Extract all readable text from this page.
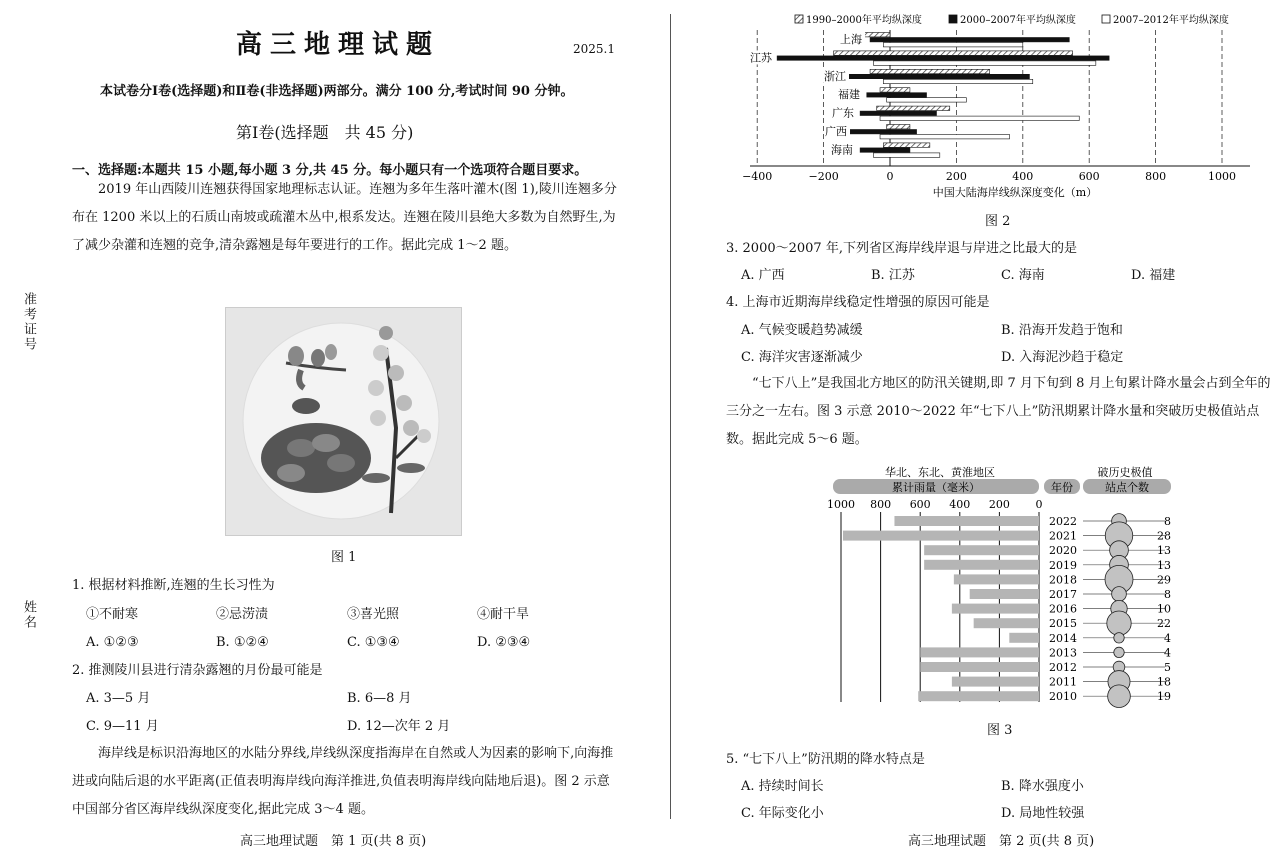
准考证号
姓名
高三地理试题	2025.1
本试卷分Ⅰ卷(选择题)和Ⅱ卷(非选择题)两部分。满分 100 分,考试时间 90 分钟。
第Ⅰ卷(选择题　共 45 分)
一、选择题:本题共 15 小题,每小题 3 分,共 45 分。每小题只有一个选项符合题目要求。
2019 年山西陵川连翘获得国家地理标志认证。连翘为多年生落叶灌木(图 1),陵川连翘多分布在 1200 米以上的石质山南坡或疏灌木丛中,根系发达。连翘在陵川县绝大多数为自然野生,为了减少杂灌和连翘的竞争,清杂露翘是每年要进行的工作。据此完成 1～2 题。
图 1
1. 根据材料推断,连翘的生长习性为
①不耐寒	②忌涝渍	③喜光照	④耐干旱
A. ①②③	B. ①②④	C. ①③④	D. ②③④
2. 推测陵川县进行清杂露翘的月份最可能是
A. 3—5 月	B. 6—8 月
C. 9—11 月	D. 12—次年 2 月
海岸线是标识沿海地区的水陆分界线,岸线纵深度指海岸在自然或人为因素的影响下,向海推进或向陆后退的水平距离(正值表明海岸线向海洋推进,负值表明海岸线向陆地后退)。图 2 示意中国部分省区海岸线纵深度变化,据此完成 3～4 题。
高三地理试题　第 1 页(共 8 页)
1990–2000年平均纵深度	2000–2007年平均纵深度	2007–2012年平均纵深度
上海
江苏
浙江
福建
广东
广西
海南
−400	−200	0	200	400	600	800	1000
中国大陆海岸线纵深度变化（m）
图 2
3. 2000～2007 年,下列省区海岸线岸退与岸进之比最大的是
A. 广西	B. 江苏	C. 海南	D. 福建
4. 上海市近期海岸线稳定性增强的原因可能是
A. 气候变暖趋势减缓	B. 沿海开发趋于饱和
C. 海洋灾害逐渐减少	D. 入海泥沙趋于稳定
“七下八上”是我国北方地区的防汛关键期,即 7 月下旬到 8 月上旬累计降水量会占到全年的三分之一左右。图 3 示意 2010～2022 年“七下八上”防汛期累计降水量和突破历史极值站点数。据此完成 5～6 题。
华北、东北、黄淮地区
累计雨量（毫米）	年份
破历史极值
站点个数
1000 800 600 400 200 0
2022	8
2021	28
2020	13
2019	13
2018	29
2017	8
2016	10
2015	22
2014	4
2013	4
2012	5
2011	18
2010	19
图 3
5. “七下八上”防汛期的降水特点是
A. 持续时间长	B. 降水强度小
C. 年际变化小	D. 局地性较强
高三地理试题　第 2 页(共 8 页)
